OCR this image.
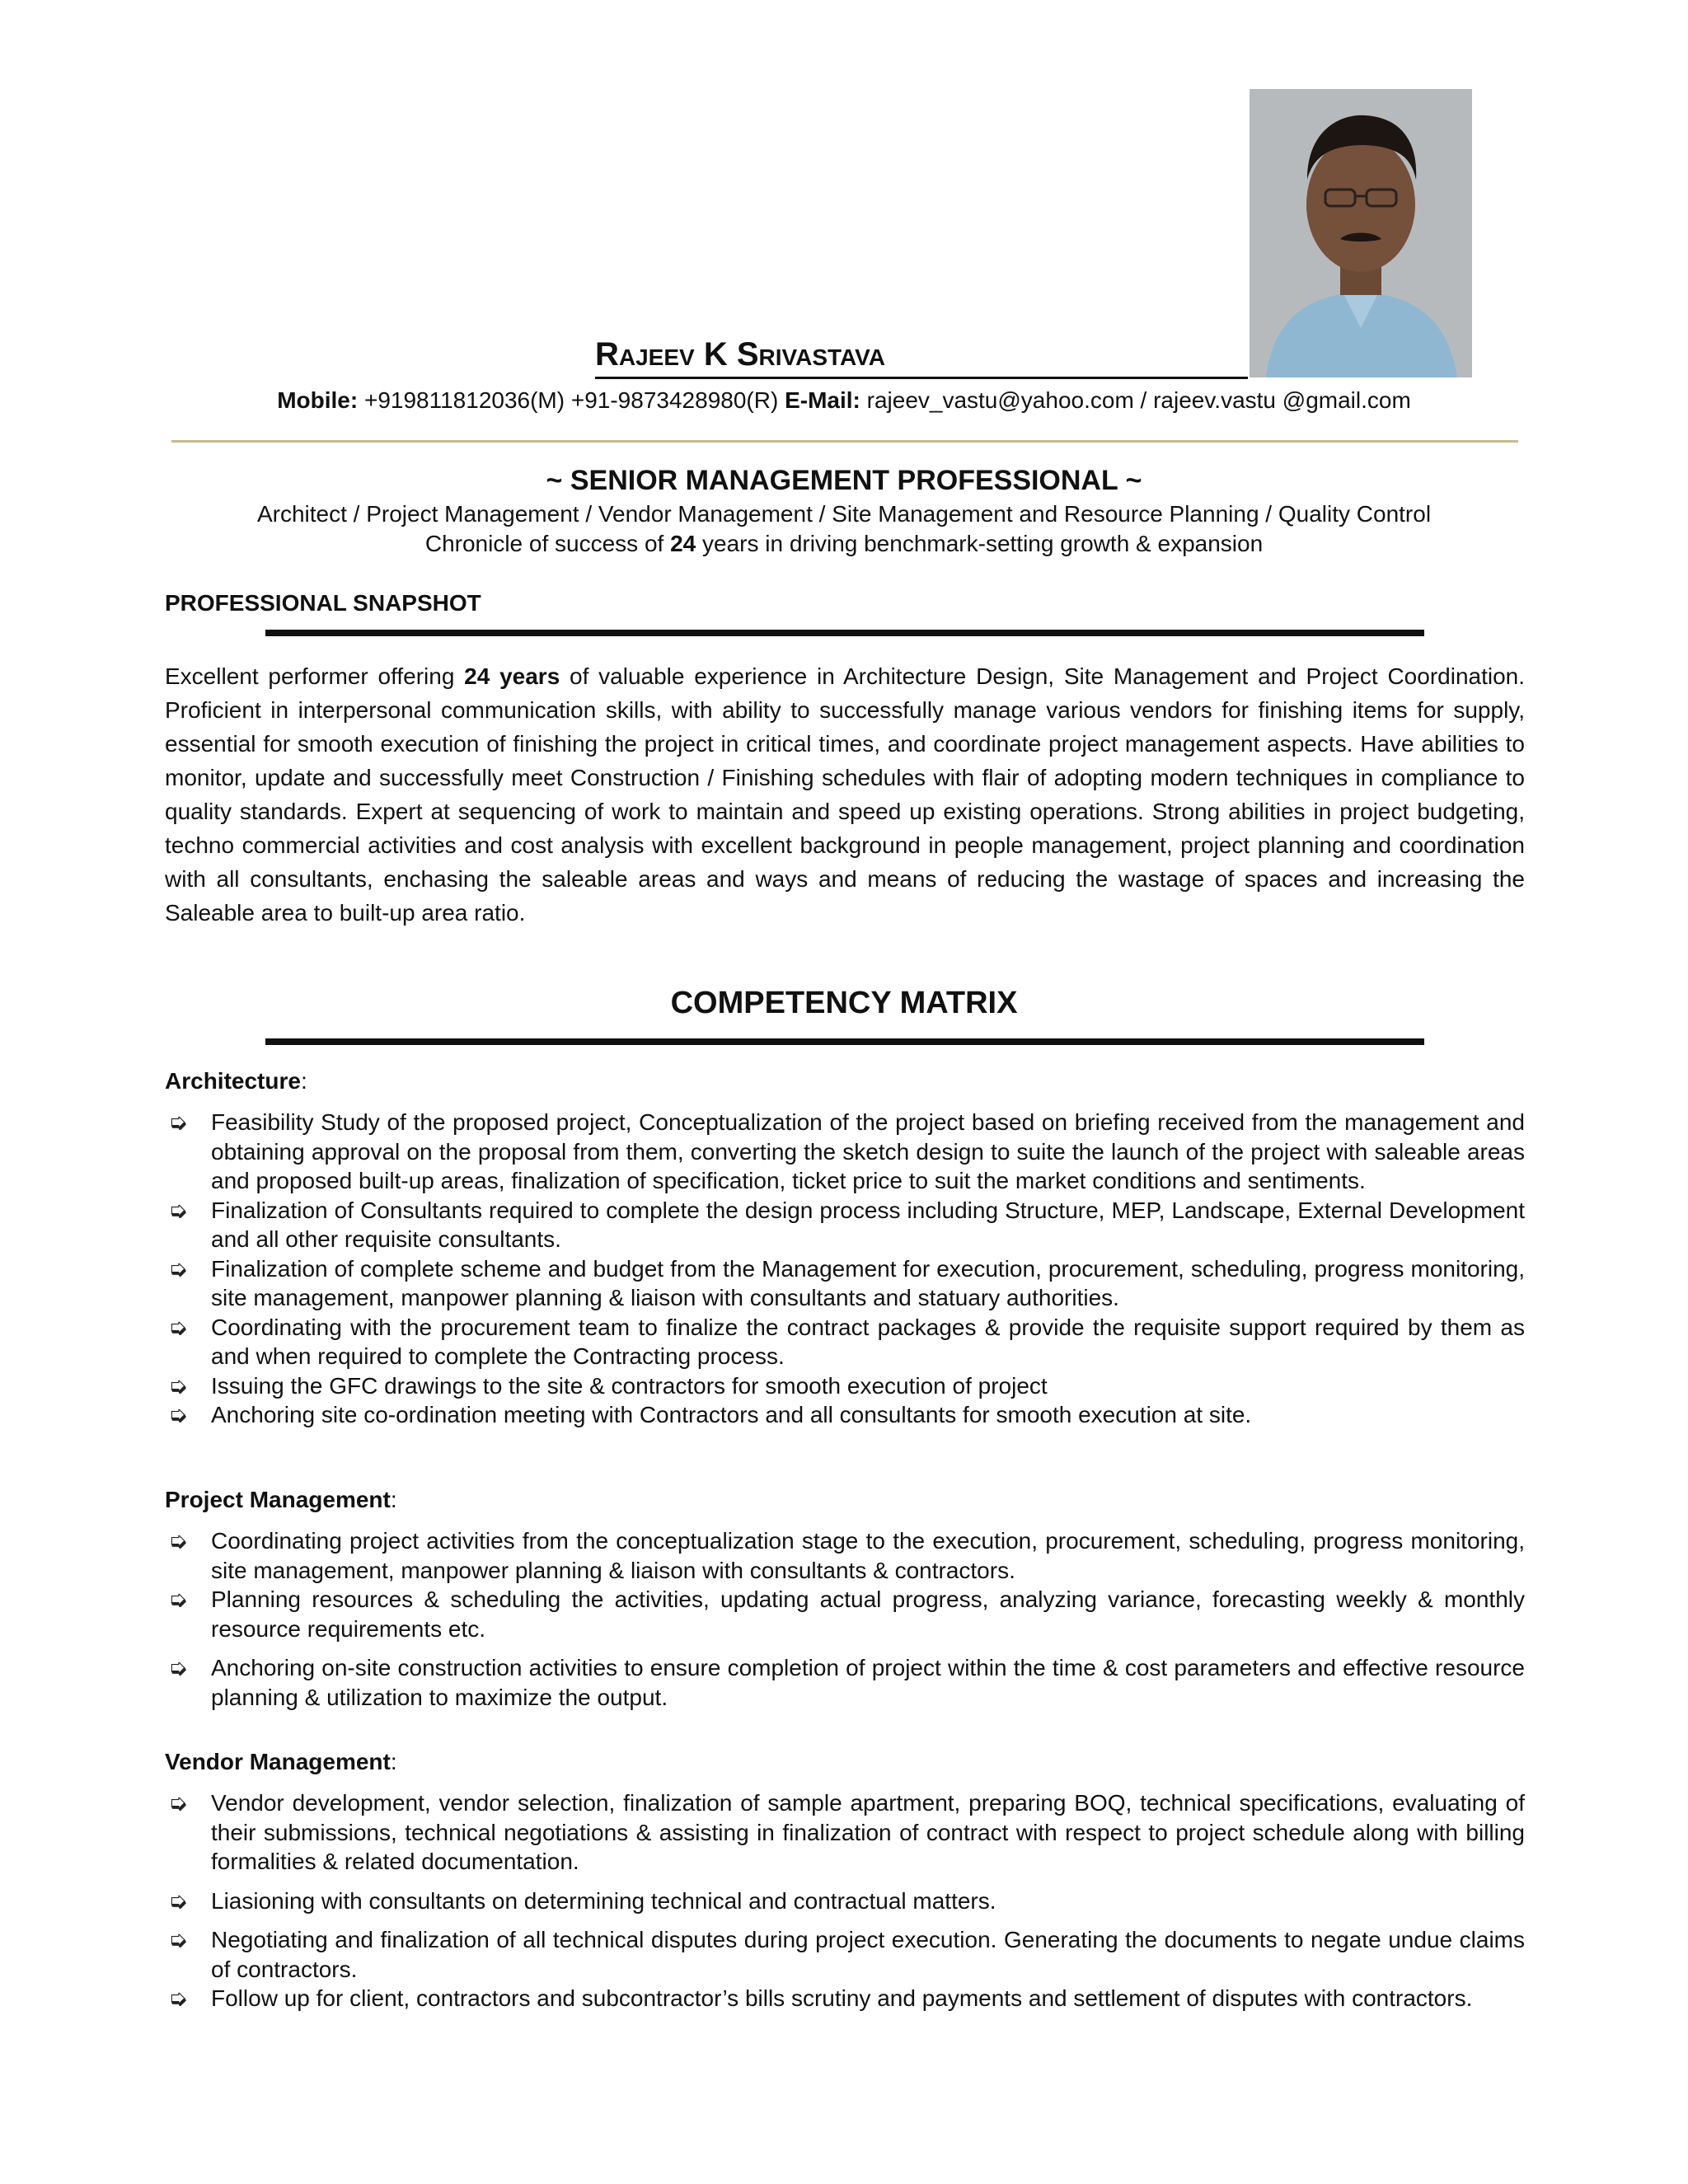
Rajeev K Srivastava
Mobile: +919811812036(M) +91-9873428980(R) E-Mail: rajeev_vastu@yahoo.com / rajeev.vastu @gmail.com
~ SENIOR MANAGEMENT PROFESSIONAL ~
Architect / Project Management / Vendor Management / Site Management and Resource Planning / Quality Control
Chronicle of success of 24 years in driving benchmark-setting growth & expansion
PROFESSIONAL SNAPSHOT
Excellent performer offering 24 years of valuable experience in Architecture Design, Site Management and Project Coordination. Proficient in interpersonal communication skills, with ability to successfully manage various vendors for finishing items for supply, essential for smooth execution of finishing the project in critical times, and coordinate project management aspects. Have abilities to monitor, update and successfully meet Construction / Finishing schedules with flair of adopting modern techniques in compliance to quality standards. Expert at sequencing of work to maintain and speed up existing operations. Strong abilities in project budgeting, techno commercial activities and cost analysis with excellent background in people management, project planning and coordination with all consultants, enchasing the saleable areas and ways and means of reducing the wastage of spaces and increasing the Saleable area to built-up area ratio.
COMPETENCY MATRIX
Architecture:
➭ Feasibility Study of the proposed project, Conceptualization of the project based on briefing received from the management and obtaining approval on the proposal from them, converting the sketch design to suite the launch of the project with saleable areas and proposed built-up areas, finalization of specification, ticket price to suit the market conditions and sentiments.
➭ Finalization of Consultants required to complete the design process including Structure, MEP, Landscape, External Development and all other requisite consultants.
➭ Finalization of complete scheme and budget from the Management for execution, procurement, scheduling, progress monitoring, site management, manpower planning & liaison with consultants and statuary authorities.
➭ Coordinating with the procurement team to finalize the contract packages & provide the requisite support required by them as and when required to complete the Contracting process.
➭ Issuing the GFC drawings to the site & contractors for smooth execution of project
➭ Anchoring site co-ordination meeting with Contractors and all consultants for smooth execution at site.
Project Management:
➭ Coordinating project activities from the conceptualization stage to the execution, procurement, scheduling, progress monitoring, site management, manpower planning & liaison with consultants & contractors.
➭ Planning resources & scheduling the activities, updating actual progress, analyzing variance, forecasting weekly & monthly resource requirements etc.
➭ Anchoring on-site construction activities to ensure completion of project within the time & cost parameters and effective resource planning & utilization to maximize the output.
Vendor Management:
➭ Vendor development, vendor selection, finalization of sample apartment, preparing BOQ, technical specifications, evaluating of their submissions, technical negotiations & assisting in finalization of contract with respect to project schedule along with billing formalities & related documentation.
➭ Liasioning with consultants on determining technical and contractual matters.
➭ Negotiating and finalization of all technical disputes during project execution. Generating the documents to negate undue claims of contractors.
➭ Follow up for client, contractors and subcontractor’s bills scrutiny and payments and settlement of disputes with contractors.
